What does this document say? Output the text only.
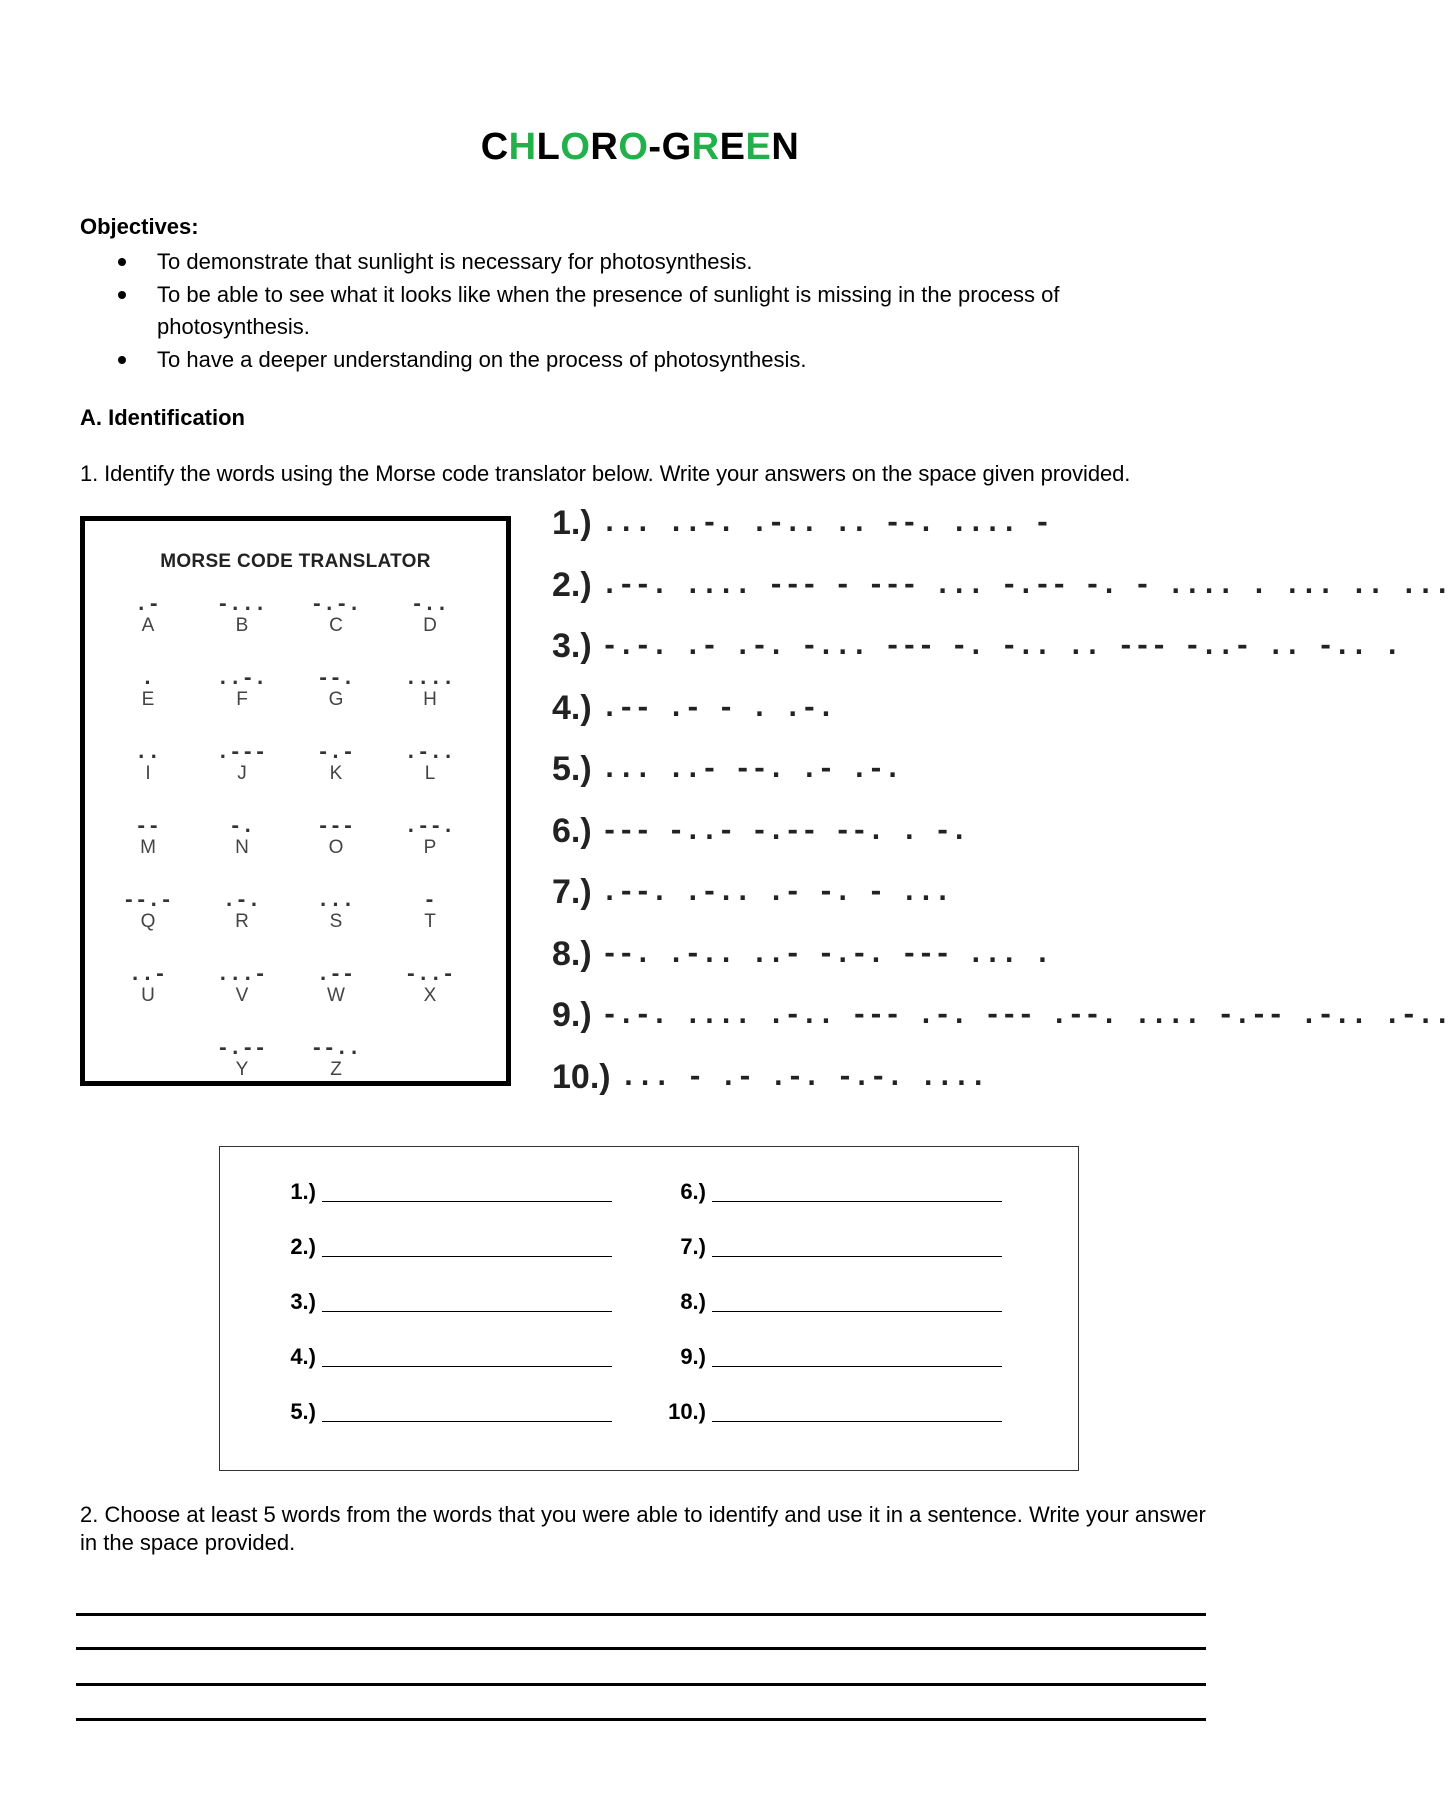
CHLORO-GREEN
Objectives:
To demonstrate that sunlight is necessary for photosynthesis.
To be able to see what it looks like when the presence of sunlight is missing in the process of photosynthesis.
To have a deeper understanding on the process of photosynthesis.
A. Identification
1. Identify the words using the Morse code translator below. Write your answers on the space given provided.
MORSE CODE TRANSLATOR
.-
A
-...
B
-.-.
C
-..
D
.
E
..-.
F
--.
G
....
H
..
I
.---
J
-.-
K
.-..
L
--
M
-.
N
---
O
.--.
P
--.-
Q
.-.
R
...
S
-
T
..-
U
...-
V
.--
W
-..-
X
-.--
Y
--..
Z
1.) ... ..-. .-.. .. --. .... -
2.) .--. .... --- - --- ... -.-- -. - .... . ... .. ...
3.) -.-. .- .-. -... --- -. -.. .. --- -..- .. -.. .
4.) .-- .- - . .-.
5.) ... ..- --. .- .-.
6.) --- -..- -.-- --. . -.
7.) .--. .-.. .- -. - ...
8.) --. .-.. ..- -.-. --- ... .
9.) -.-. .... .-.. --- .-. --- .--. .... -.-- .-.. .-..
10.) ... - .- .-. -.-. ....
1.)
2.)
3.)
4.)
5.)
6.)
7.)
8.)
9.)
10.)
2. Choose at least 5 words from the words that you were able to identify and use it in a sentence. Write your answer in the space provided.
